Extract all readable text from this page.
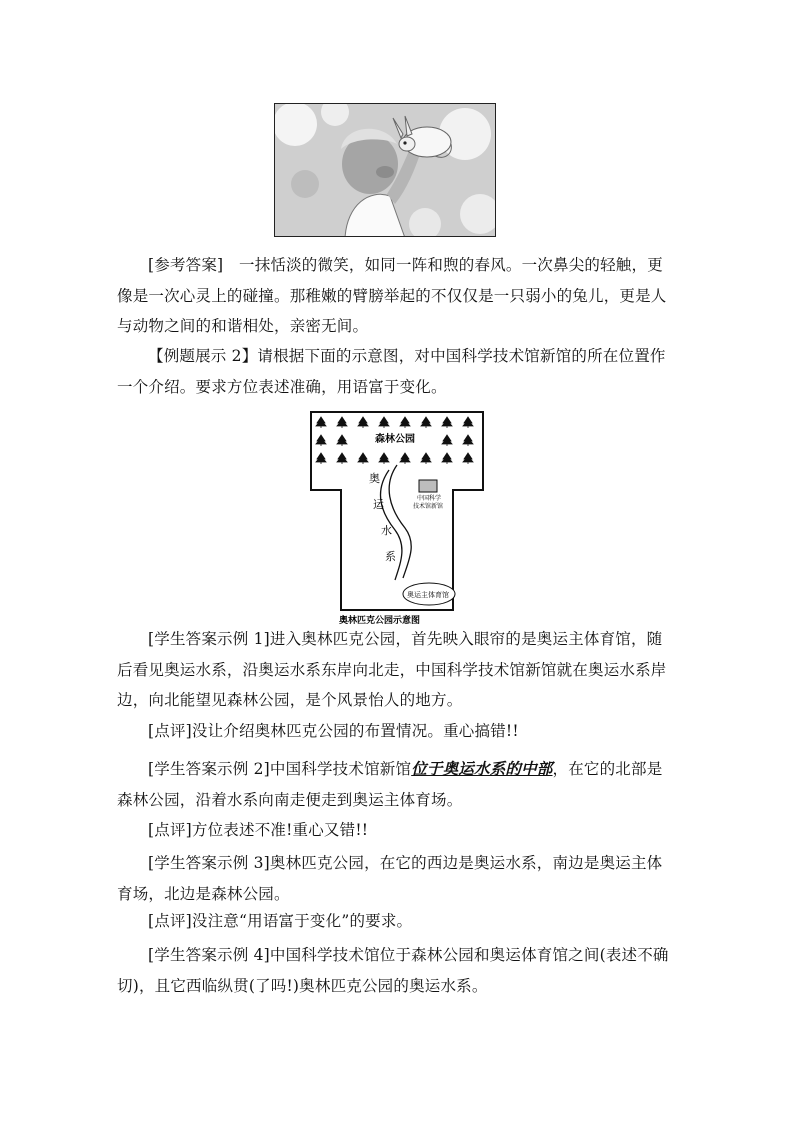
[参考答案]　一抹恬淡的微笑，如同一阵和煦的春风。一次鼻尖的轻触，更像是一次心灵上的碰撞。那稚嫩的臂膀举起的不仅仅是一只弱小的兔儿，更是人与动物之间的和谐相处，亲密无间。

【例题展示 2】请根据下面的示意图，对中国科学技术馆新馆的所在位置作一个介绍。要求方位表述准确，用语富于变化。

森林公园
奥
运
水
系
中国科学
技术馆新馆
奥运主体育馆
奥林匹克公园示意图

[学生答案示例 1]进入奥林匹克公园，首先映入眼帘的是奥运主体育馆，随后看见奥运水系，沿奥运水系东岸向北走，中国科学技术馆新馆就在奥运水系岸边，向北能望见森林公园，是个风景怡人的地方。

[点评]没让介绍奥林匹克公园的布置情况。重心搞错!!

[学生答案示例 2]中国科学技术馆新馆位于奥运水系的中部，在它的北部是森林公园，沿着水系向南走便走到奥运主体育场。

[点评]方位表述不准!重心又错!!

[学生答案示例 3]奥林匹克公园，在它的西边是奥运水系，南边是奥运主体育场，北边是森林公园。

[点评]没注意“用语富于变化”的要求。

[学生答案示例 4]中国科学技术馆位于森林公园和奥运体育馆之间(表述不确切)，且它西临纵贯(了吗!)奥林匹克公园的奥运水系。
